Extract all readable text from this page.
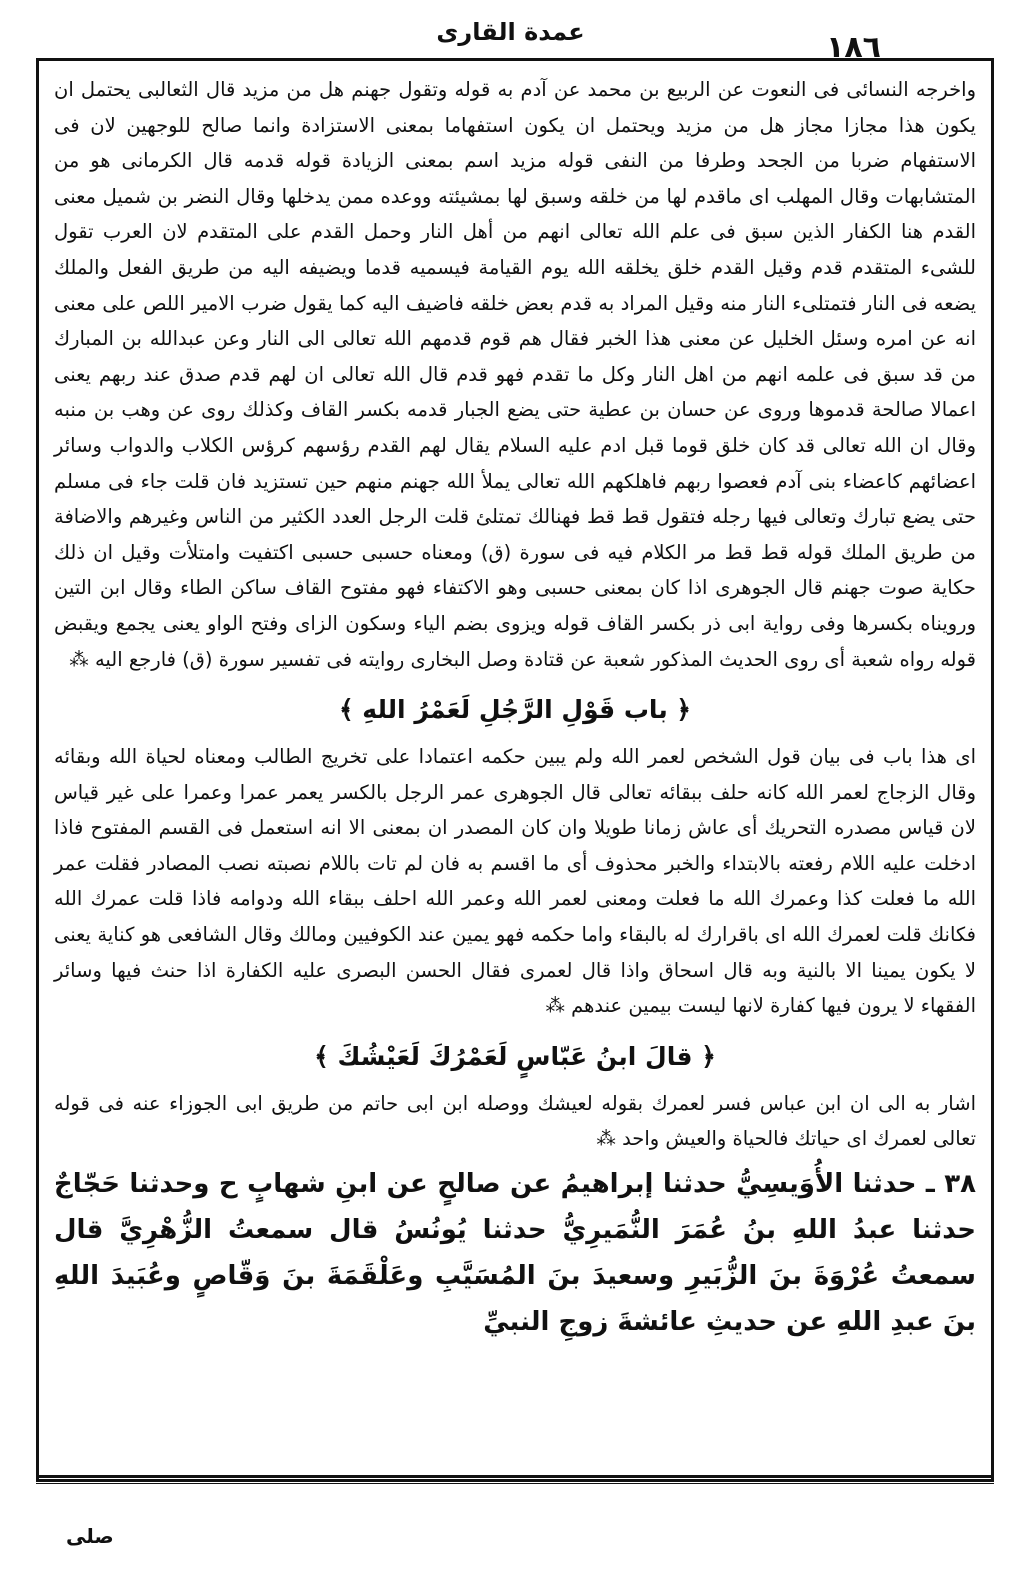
عمدة القارى	١٨٦

واخرجه النسائى فى النعوت عن الربيع بن محمد عن آدم به قوله وتقول جهنم هل من مزيد قال الثعالبى يحتمل ان يكون هذا مجازا مجاز هل من مزيد ويحتمل ان يكون استفهاما بمعنى الاستزادة وانما صالح للوجهين لان فى الاستفهام ضربا من الجحد وطرفا من النفى قوله مزيد اسم بمعنى الزيادة قوله قدمه قال الكرمانى هو من المتشابهات وقال المهلب اى ماقدم لها من خلقه وسبق لها بمشيئته ووعده ممن يدخلها وقال النضر بن شميل معنى القدم هنا الكفار الذين سبق فى علم الله تعالى انهم من أهل النار وحمل القدم على المتقدم لان العرب تقول للشىء المتقدم قدم وقيل القدم خلق يخلقه الله يوم القيامة فيسميه قدما ويضيفه اليه من طريق الفعل والملك يضعه فى النار فتمتلىء النار منه وقيل المراد به قدم بعض خلقه فاضيف اليه كما يقول ضرب الامير اللص على معنى انه عن امره وسئل الخليل عن معنى هذا الخبر فقال هم قوم قدمهم الله تعالى الى النار وعن عبدالله بن المبارك من قد سبق فى علمه انهم من اهل النار وكل ما تقدم فهو قدم قال الله تعالى ان لهم قدم صدق عند ربهم يعنى اعمالا صالحة قدموها وروى عن حسان بن عطية حتى يضع الجبار قدمه بكسر القاف وكذلك روى عن وهب بن منبه وقال ان الله تعالى قد كان خلق قوما قبل ادم عليه السلام يقال لهم القدم رؤسهم كرؤس الكلاب والدواب وسائر اعضائهم كاعضاء بنى آدم فعصوا ربهم فاهلكهم الله تعالى يملأ الله جهنم منهم حين تستزيد فان قلت جاء فى مسلم حتى يضع تبارك وتعالى فيها رجله فتقول قط قط فهنالك تمتلئ قلت الرجل العدد الكثير من الناس وغيرهم والاضافة من طريق الملك قوله قط قط مر الكلام فيه فى سورة (ق) ومعناه حسبى حسبى اكتفيت وامتلأت وقيل ان ذلك حكاية صوت جهنم قال الجوهرى اذا كان بمعنى حسبى وهو الاكتفاء فهو مفتوح القاف ساكن الطاء وقال ابن التين ورويناه بكسرها وفى رواية ابى ذر بكسر القاف قوله ويزوى بضم الياء وسكون الزاى وفتح الواو يعنى يجمع ويقبض قوله رواه شعبة أى روى الحديث المذكور شعبة عن قتادة وصل البخارى روايته فى تفسير سورة (ق) فارجع اليه ⁂

﴿ باب قَوْلِ الرَّجُلِ لَعَمْرُ اللهِ ﴾

اى هذا باب فى بيان قول الشخص لعمر الله ولم يبين حكمه اعتمادا على تخريج الطالب ومعناه لحياة الله وبقائه وقال الزجاج لعمر الله كانه حلف ببقائه تعالى قال الجوهرى عمر الرجل بالكسر يعمر عمرا وعمرا على غير قياس لان قياس مصدره التحريك أى عاش زمانا طويلا وان كان المصدر ان بمعنى الا انه استعمل فى القسم المفتوح فاذا ادخلت عليه اللام رفعته بالابتداء والخبر محذوف أى ما اقسم به فان لم تات باللام نصبته نصب المصادر فقلت عمر الله ما فعلت كذا وعمرك الله ما فعلت ومعنى لعمر الله وعمر الله احلف ببقاء الله ودوامه فاذا قلت عمرك الله فكانك قلت لعمرك الله اى باقرارك له بالبقاء واما حكمه فهو يمين عند الكوفيين ومالك وقال الشافعى هو كناية يعنى لا يكون يمينا الا بالنية وبه قال اسحاق واذا قال لعمرى فقال الحسن البصرى عليه الكفارة اذا حنث فيها وسائر الفقهاء لا يرون فيها كفارة لانها ليست بيمين عندهم ⁂

﴿ قالَ ابنُ عَبّاسٍ لَعَمْرُكَ لَعَيْشُكَ ﴾

اشار به الى ان ابن عباس فسر لعمرك بقوله لعيشك ووصله ابن ابى حاتم من طريق ابى الجوزاء عنه فى قوله تعالى لعمرك اى حياتك فالحياة والعيش واحد ⁂

٣٨ ـ حدثنا الأُوَيسِيُّ حدثنا إبراهيمُ عن صالحٍ عن ابنِ شهابٍ ح وحدثنا حَجّاجٌ حدثنا عبدُ اللهِ بنُ عُمَرَ النُّمَيرِيُّ حدثنا يُونُسُ قال سمعتُ الزُّهْرِيَّ قال سمعتُ عُرْوَةَ بنَ الزُّبَيرِ وسعيدَ بنَ المُسَيَّبِ وعَلْقَمَةَ بنَ وَقّاصٍ وعُبَيدَ اللهِ بنَ عبدِ اللهِ عن حديثِ عائشةَ زوجِ النبيِّ

صلى
